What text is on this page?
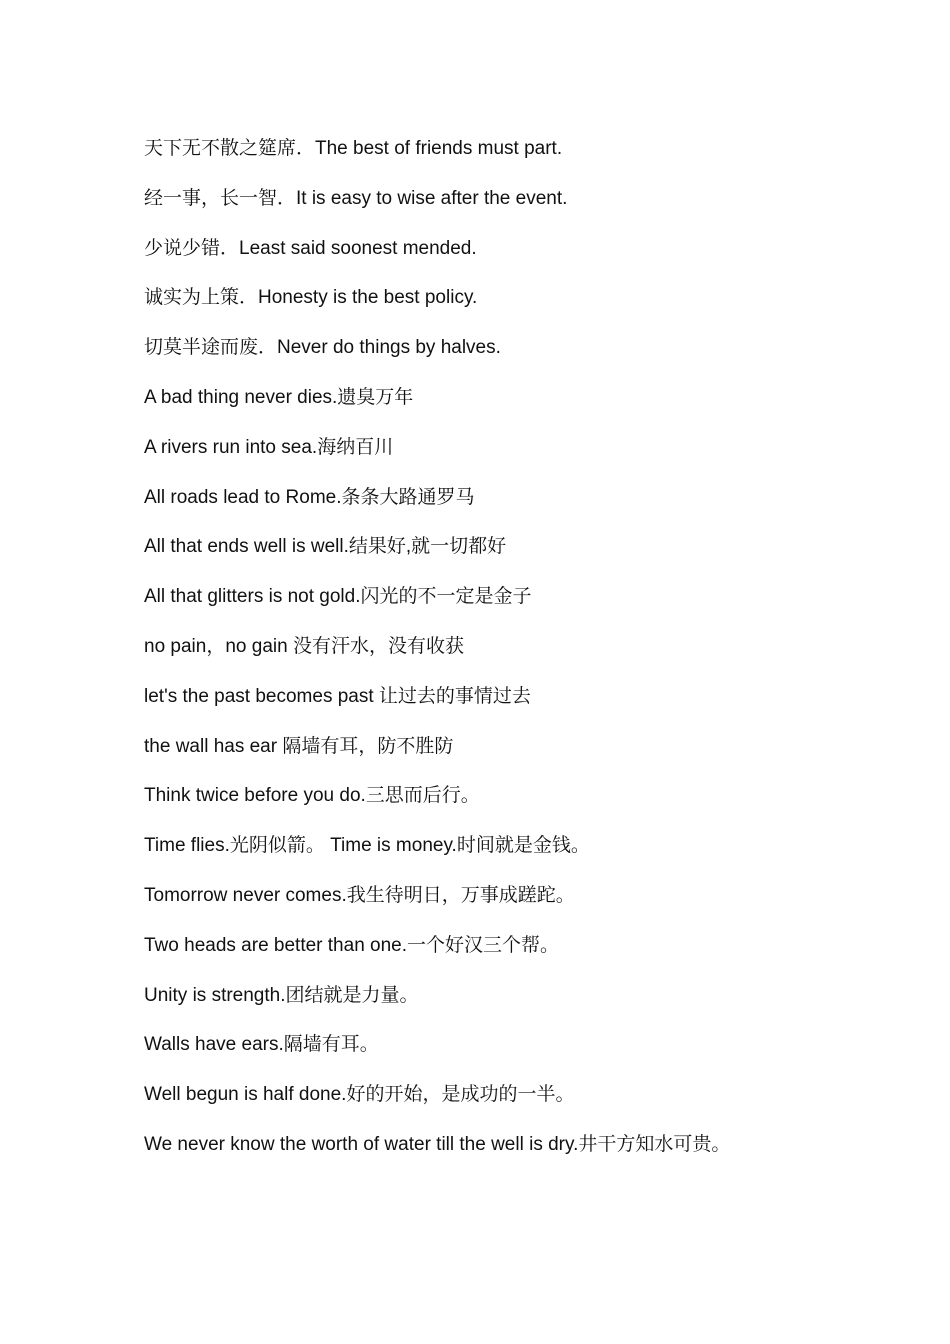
天下无不散之筵席．The best of friends must part.
经一事，长一智．It is easy to wise after the event.
少说少错．Least said soonest mended.
诚实为上策．Honesty is the best policy.
切莫半途而废．Never do things by halves.
A bad thing never dies.遗臭万年
A rivers run into sea.海纳百川
All roads lead to Rome.条条大路通罗马
All that ends well is well.结果好,就一切都好
All that glitters is not gold.闪光的不一定是金子
no pain，no gain 没有汗水，没有收获
let's the past becomes past 让过去的事情过去
the wall has ear 隔墙有耳，防不胜防
Think twice before you do.三思而后行。
Time flies.光阴似箭。 Time is money.时间就是金钱。
Tomorrow never comes.我生待明日，万事成蹉跎。
Two heads are better than one.一个好汉三个帮。
Unity is strength.团结就是力量。
Walls have ears.隔墙有耳。
Well begun is half done.好的开始，是成功的一半。
We never know the worth of water till the well is dry.井干方知水可贵。
